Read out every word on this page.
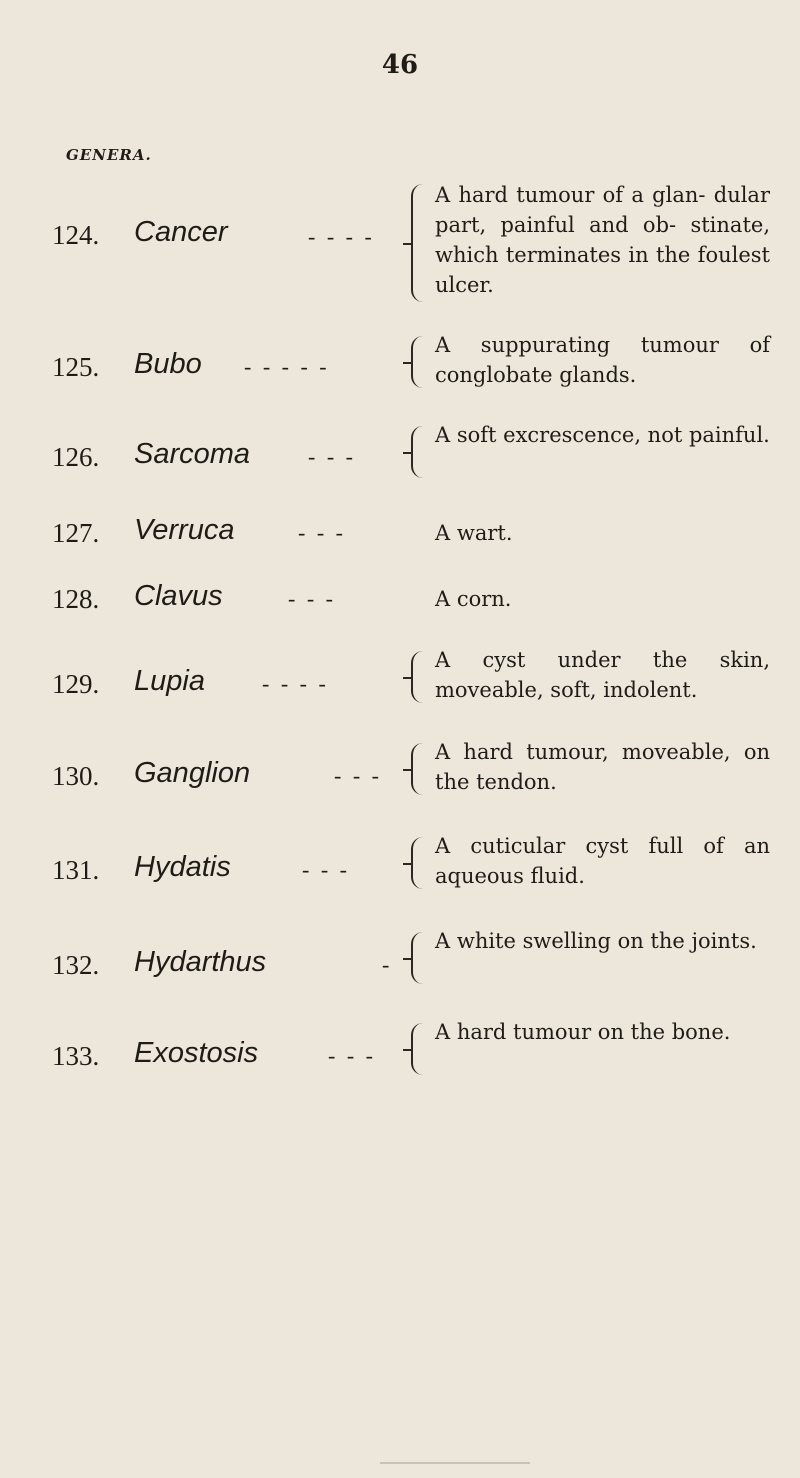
46
GENERA.
124. Cancer	- - - -
A hard tumour of a glan- dular part, painful and ob- stinate, which terminates in the foulest ulcer.
125. Bubo - - - - -
A suppurating tumour of conglobate glands.
126. Sarcoma	- - -
A soft excrescence, not painful.
127. Verruca	- - -	A wart.
128. Clavus	- - -	A corn.
129. Lupia	- - - -
A cyst under the skin, moveable, soft, indolent.
130. Ganglion	- - -
A hard tumour, moveable, on the tendon.
131. Hydatis	- - -
A cuticular cyst full of an aqueous fluid.
132. Hydarthus	-
A white swelling on the joints.
133. Exostosis	- - -
A hard tumour on the bone.
